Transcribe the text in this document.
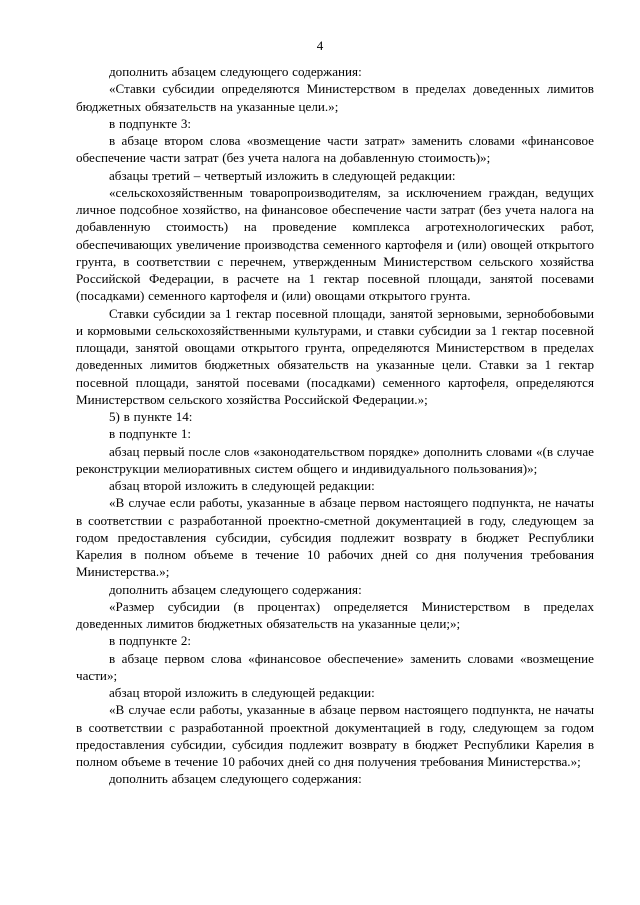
4

дополнить абзацем следующего содержания:

«Ставки субсидии определяются Министерством в пределах доведенных лимитов бюджетных обязательств на указанные цели.»;

в подпункте 3:

в абзаце втором слова «возмещение части затрат» заменить словами «финансовое обеспечение части затрат (без учета налога на добавленную стоимость)»;

абзацы третий – четвертый изложить в следующей редакции:

«сельскохозяйственным товаропроизводителям, за исключением граждан, ведущих личное подсобное хозяйство, на финансовое обеспечение части затрат (без учета налога на добавленную стоимость) на проведение комплекса агротехнологических работ, обеспечивающих увеличение производства семенного картофеля и (или) овощей открытого грунта, в соответствии с перечнем, утвержденным Министерством сельского хозяйства Российской Федерации, в расчете на 1 гектар посевной площади, занятой посевами (посадками) семенного картофеля и (или) овощами открытого грунта.

Ставки субсидии за 1 гектар посевной площади, занятой зерновыми, зернобобовыми и кормовыми сельскохозяйственными культурами, и ставки субсидии за 1 гектар посевной площади, занятой овощами открытого грунта, определяются Министерством в пределах доведенных лимитов бюджетных обязательств на указанные цели. Ставки за 1 гектар посевной площади, занятой посевами (посадками) семенного картофеля, определяются Министерством сельского хозяйства Российской Федерации.»;

5) в пункте 14:

в подпункте 1:

абзац первый после слов «законодательством порядке» дополнить словами «(в случае реконструкции мелиоративных систем общего и индивидуального пользования)»;

абзац второй изложить в следующей редакции:

«В случае если работы, указанные в абзаце первом настоящего подпункта, не начаты в соответствии с разработанной проектно-сметной документацией в году, следующем за годом предоставления субсидии, субсидия подлежит возврату в бюджет Республики Карелия в полном объеме в течение 10 рабочих дней со дня получения требования Министерства.»;

дополнить абзацем следующего содержания:

«Размер субсидии (в процентах) определяется Министерством в пределах доведенных лимитов бюджетных обязательств на указанные цели;»;

в подпункте 2:

в абзаце первом слова «финансовое обеспечение» заменить словами «возмещение части»;

абзац второй изложить в следующей редакции:

«В случае если работы, указанные в абзаце первом настоящего подпункта, не начаты в соответствии с разработанной проектной документацией в году, следующем за годом предоставления субсидии, субсидия подлежит возврату в бюджет Республики Карелия в полном объеме в течение 10 рабочих дней со дня получения требования Министерства.»;

дополнить абзацем следующего содержания:
